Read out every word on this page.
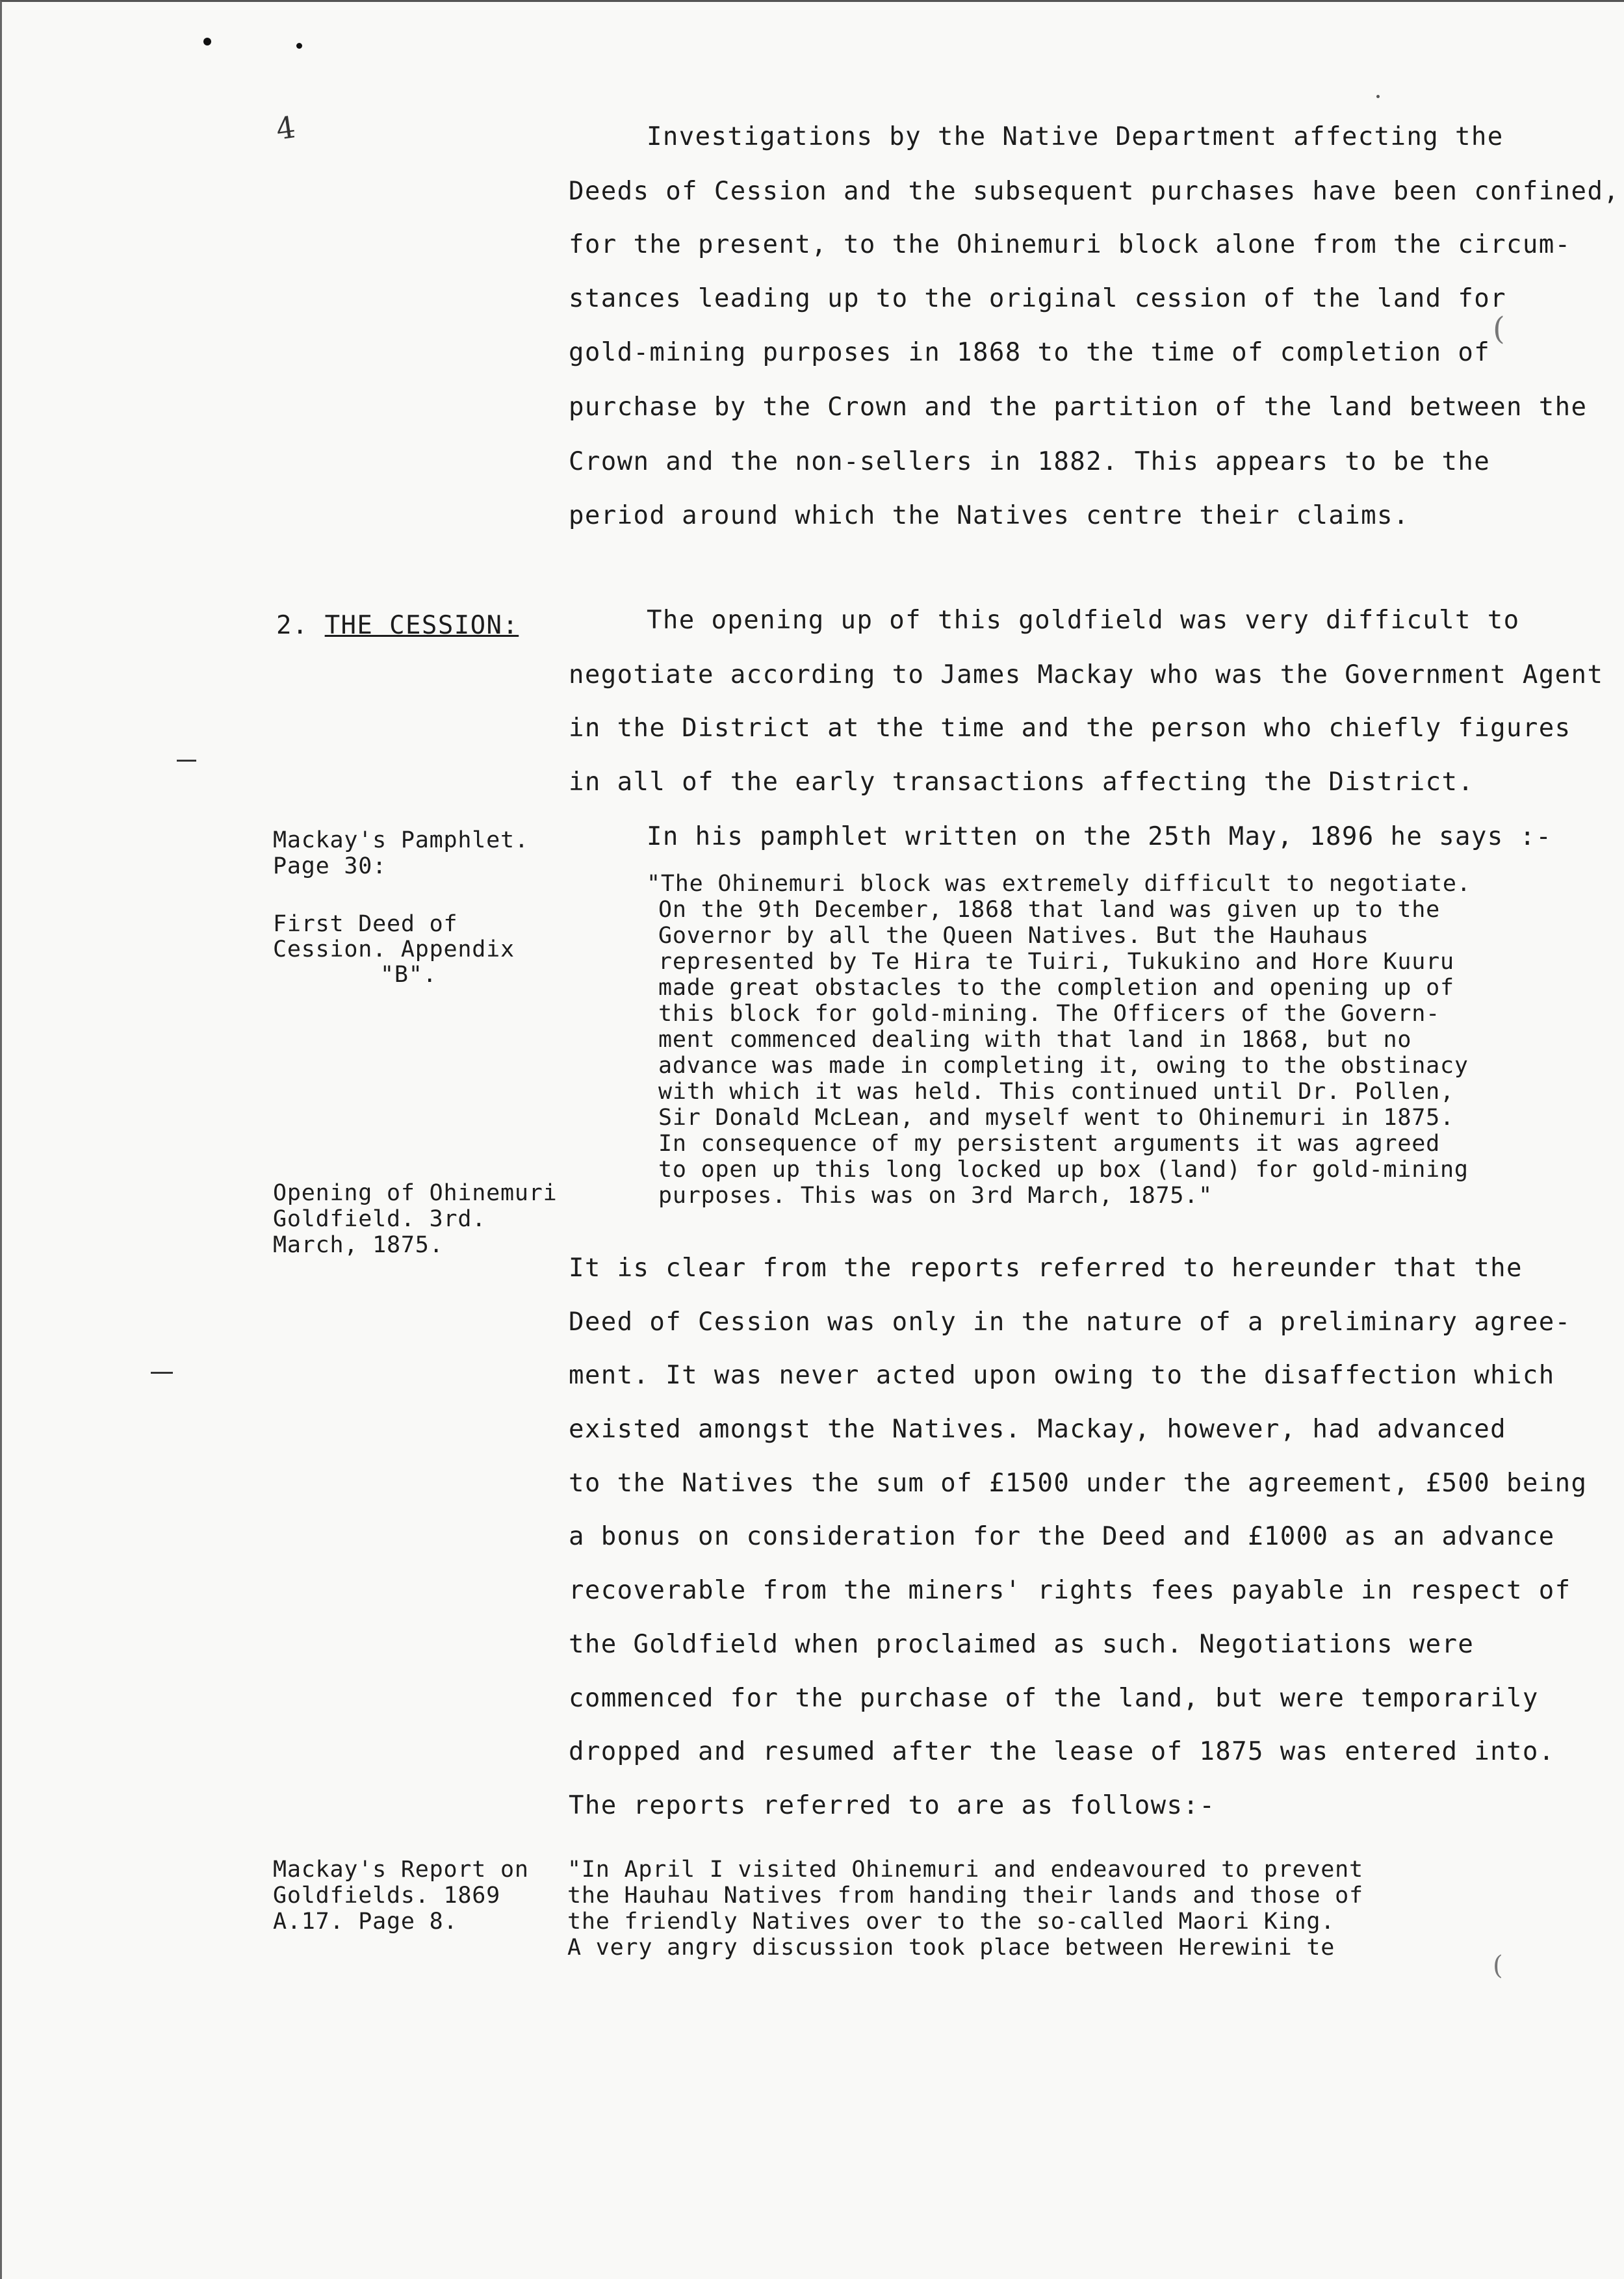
(
(
4	Investigations by the Native Department affecting the
Deeds of Cession and the subsequent purchases have been confined,
for the present, to the Ohinemuri block alone from the circum-
stances leading up to the original cession of the land for
gold-mining purposes in 1868 to the time of completion of
purchase by the Crown and the partition of the land between the
Crown and the non-sellers in 1882. This appears to be the
period around which the Natives centre their claims.
2. THE CESSION:	The opening up of this goldfield was very difficult to
negotiate according to James Mackay who was the Government Agent
in the District at the time and the person who chiefly figures
in all of the early transactions affecting the District.
Mackay's Pamphlet.
Page 30:
First Deed of
Cession. Appendix
"B".
In his pamphlet written on the 25th May, 1896 he says :-
"The Ohinemuri block was extremely difficult to negotiate.
On the 9th December, 1868 that land was given up to the
Governor by all the Queen Natives. But the Hauhaus
represented by Te Hira te Tuiri, Tukukino and Hore Kuuru
made great obstacles to the completion and opening up of
this block for gold-mining. The Officers of the Govern-
ment commenced dealing with that land in 1868, but no
advance was made in completing it, owing to the obstinacy
with which it was held. This continued until Dr. Pollen,
Sir Donald McLean, and myself went to Ohinemuri in 1875.
In consequence of my persistent arguments it was agreed
to open up this long locked up box (land) for gold-mining
purposes. This was on 3rd March, 1875."
Opening of Ohinemuri
Goldfield. 3rd.
March, 1875.
It is clear from the reports referred to hereunder that the
Deed of Cession was only in the nature of a preliminary agree-
ment. It was never acted upon owing to the disaffection which
existed amongst the Natives. Mackay, however, had advanced
to the Natives the sum of £1500 under the agreement, £500 being
a bonus on consideration for the Deed and £1000 as an advance
recoverable from the miners' rights fees payable in respect of
the Goldfield when proclaimed as such. Negotiations were
commenced for the purchase of the land, but were temporarily
dropped and resumed after the lease of 1875 was entered into.
The reports referred to are as follows:-
Mackay's Report on
Goldfields. 1869
A.17. Page 8.
"In April I visited Ohinemuri and endeavoured to prevent
the Hauhau Natives from handing their lands and those of
the friendly Natives over to the so-called Maori King.
A very angry discussion took place between Herewini te
